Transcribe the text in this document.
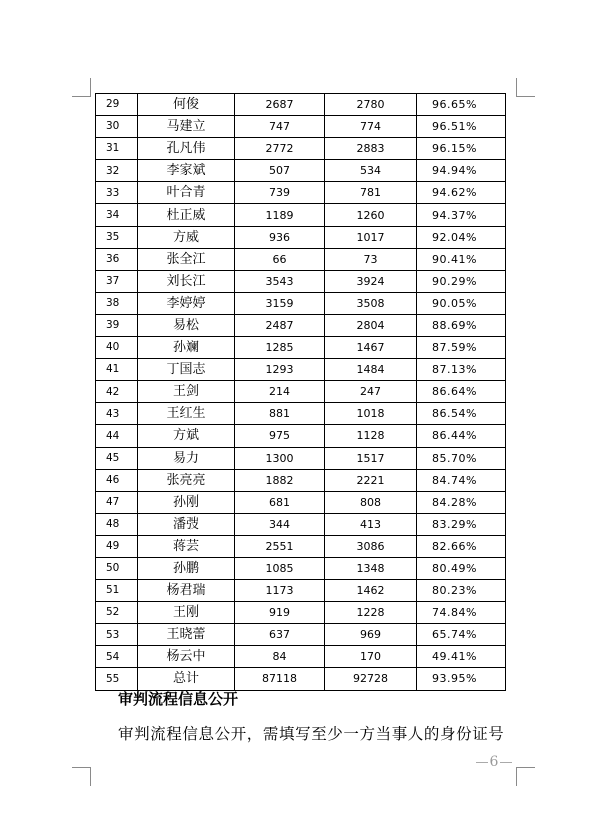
29	何俊	2687	2780	96.65%
30	马建立	747	774	96.51%
31	孔凡伟	2772	2883	96.15%
32	李家斌	507	534	94.94%
33	叶合青	739	781	94.62%
34	杜正威	1189	1260	94.37%
35	方威	936	1017	92.04%
36	张全江	66	73	90.41%
37	刘长江	3543	3924	90.29%
38	李婷婷	3159	3508	90.05%
39	易松	2487	2804	88.69%
40	孙斓	1285	1467	87.59%
41	丁国志	1293	1484	87.13%
42	王剑	214	247	86.64%
43	王红生	881	1018	86.54%
44	方斌	975	1128	86.44%
45	易力	1300	1517	85.70%
46	张亮亮	1882	2221	84.74%
47	孙刚	681	808	84.28%
48	潘弢	344	413	83.29%
49	蒋芸	2551	3086	82.66%
50	孙鹏	1085	1348	80.49%
51	杨君瑞	1173	1462	80.23%
52	王刚	919	1228	74.84%
53	王晓蕾	637	969	65.74%
54	杨云中	84	170	49.41%
55	总计	87118	92728	93.95%
审判流程信息公开
审判流程信息公开，需填写至少一方当事人的身份证号
6
